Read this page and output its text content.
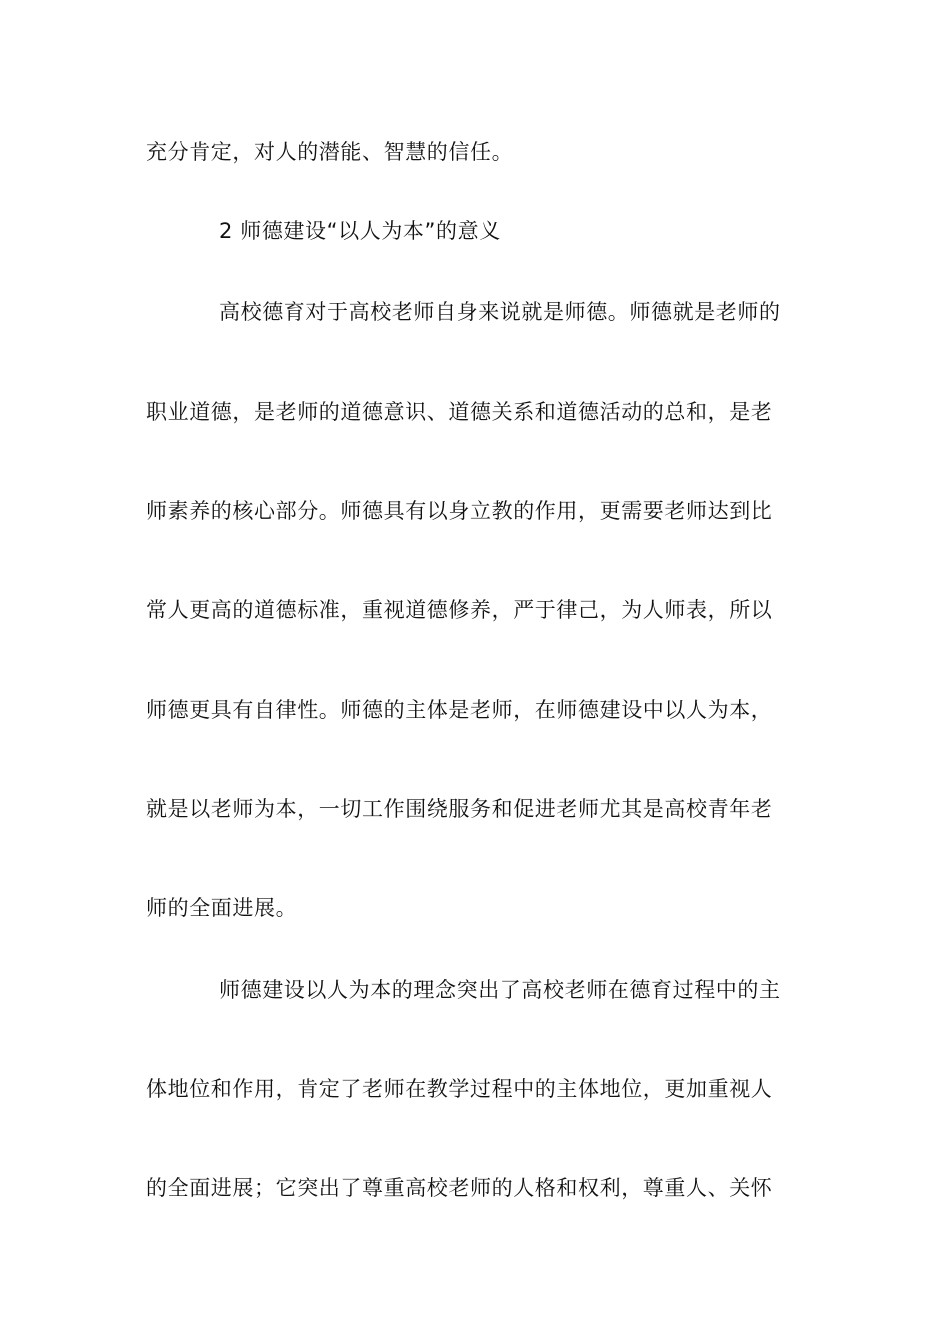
充分肯定，对人的潜能、智慧的信任。
2 师德建设“以人为本”的意义
高校德育对于高校老师自身来说就是师德。师德就是老师的
职业道德，是老师的道德意识、道德关系和道德活动的总和，是老
师素养的核心部分。师德具有以身立教的作用，更需要老师达到比
常人更高的道德标准，重视道德修养，严于律己，为人师表，所以
师德更具有自律性。师德的主体是老师，在师德建设中以人为本，
就是以老师为本，一切工作围绕服务和促进老师尤其是高校青年老
师的全面进展。
师德建设以人为本的理念突出了高校老师在德育过程中的主
体地位和作用，肯定了老师在教学过程中的主体地位，更加重视人
的全面进展；它突出了尊重高校老师的人格和权利，尊重人、关怀
